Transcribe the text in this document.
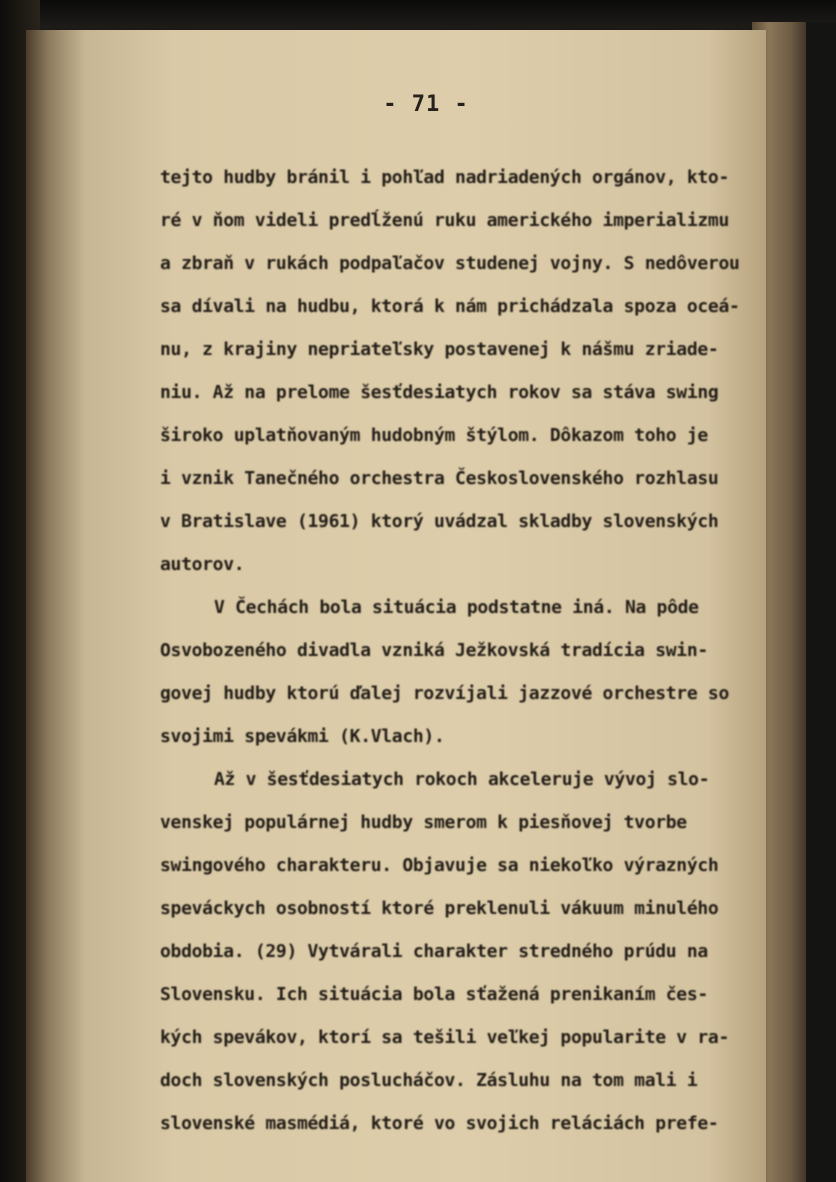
- 71 -
tejto hudby bránil i pohľad nadriadených orgánov, kto-
ré v ňom videli predĺženú ruku amerického imperializmu
a zbraň v rukách podpaľačov studenej vojny. S nedôverou
sa dívali na hudbu, ktorá k nám prichádzala spoza oceá-
nu, z krajiny nepriateľsky postavenej k nášmu zriade-
niu. Až na prelome šesťdesiatych rokov sa stáva swing
široko uplatňovaným hudobným štýlom. Dôkazom toho je
i vznik Tanečného orchestra Československého rozhlasu
v Bratislave (1961) ktorý uvádzal skladby slovenských
autorov.
V Čechách bola situácia podstatne iná. Na pôde
Osvobozeného divadla vzniká Ježkovská tradícia swin-
govej hudby ktorú ďalej rozvíjali jazzové orchestre so
svojimi spevákmi (K.Vlach).
Až v šesťdesiatych rokoch akceleruje vývoj slo-
venskej populárnej hudby smerom k piesňovej tvorbe
swingového charakteru. Objavuje sa niekoľko výrazných
speváckych osobností ktoré preklenuli vákuum minulého
obdobia. (29) Vytvárali charakter stredného prúdu na
Slovensku. Ich situácia bola sťažená prenikaním čes-
kých spevákov, ktorí sa tešili veľkej popularite v ra-
doch slovenských poslucháčov. Zásluhu na tom mali i
slovenské masmédiá, ktoré vo svojich reláciách prefe-
